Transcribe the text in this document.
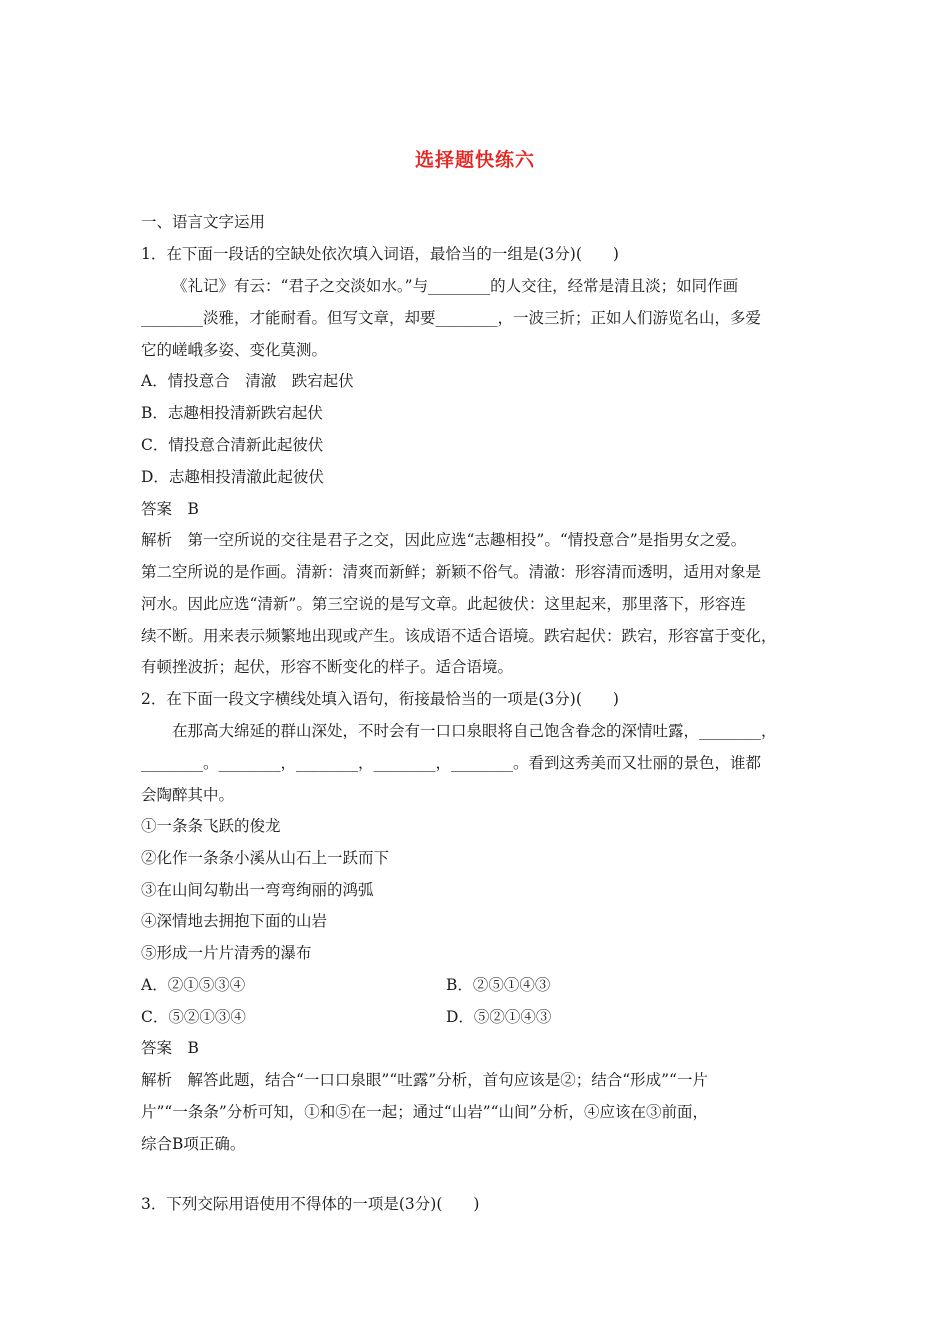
选择题快练六
一、语言文字运用
1．在下面一段话的空缺处依次填入词语，最恰当的一组是(3分)(　　)
《礼记》有云：“君子之交淡如水。”与________的人交往，经常是清且淡；如同作画
________淡雅，才能耐看。但写文章，却要________，一波三折；正如人们游览名山，多爱
它的嵯峨多姿、变化莫测。
A．情投意合　清澈　跌宕起伏
B．志趣相投清新跌宕起伏
C．情投意合清新此起彼伏
D．志趣相投清澈此起彼伏
答案　B
解析　第一空所说的交往是君子之交，因此应选“志趣相投”。“情投意合”是指男女之爱。
第二空所说的是作画。清新：清爽而新鲜；新颖不俗气。清澈：形容清而透明，适用对象是
河水。因此应选“清新”。第三空说的是写文章。此起彼伏：这里起来，那里落下，形容连
续不断。用来表示频繁地出现或产生。该成语不适合语境。跌宕起伏：跌宕，形容富于变化，
有顿挫波折；起伏，形容不断变化的样子。适合语境。
2．在下面一段文字横线处填入语句，衔接最恰当的一项是(3分)(　　)
在那高大绵延的群山深处，不时会有一口口泉眼将自己饱含眷念的深情吐露，________，
________。________，________，________，________。看到这秀美而又壮丽的景色，谁都
会陶醉其中。
①一条条飞跃的俊龙
②化作一条条小溪从山石上一跃而下
③在山间勾勒出一弯弯绚丽的鸿弧
④深情地去拥抱下面的山岩
⑤形成一片片清秀的瀑布
A．②①⑤③④	B．②⑤①④③
C．⑤②①③④	D．⑤②①④③
答案　B
解析　解答此题，结合“一口口泉眼”“吐露”分析，首句应该是②；结合“形成”“一片
片”“一条条”分析可知，①和⑤在一起；通过“山岩”“山间”分析，④应该在③前面，
综合B项正确。
3．下列交际用语使用不得体的一项是(3分)(　　)
